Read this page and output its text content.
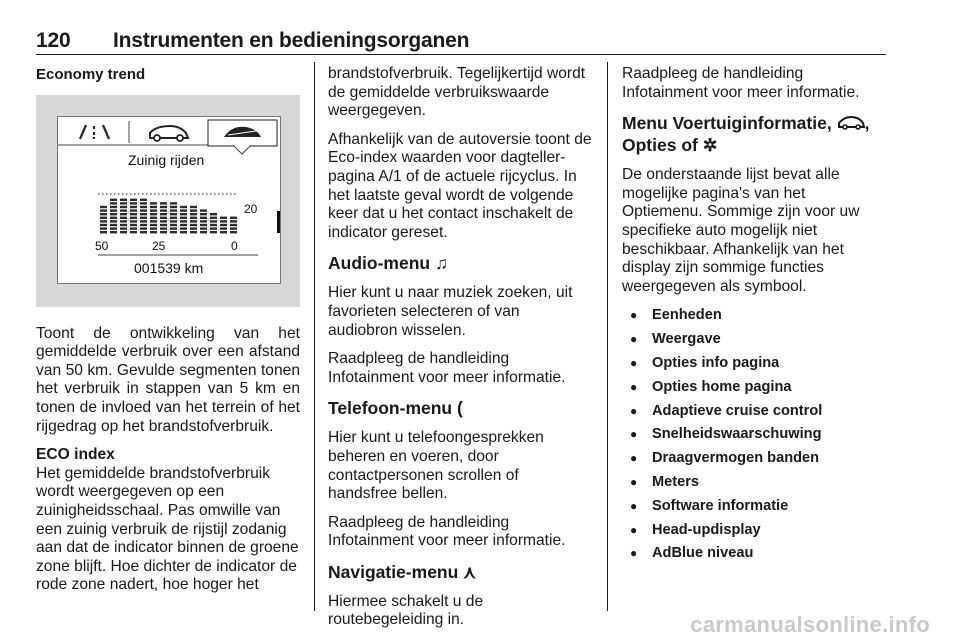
120 Instrumenten en bedieningsorganen

Economy trend

Zuinig rijden
20
50	25	0
001539 km

Toont de ontwikkeling van het gemiddelde verbruik over een afstand van 50 km. Gevulde segmenten tonen het verbruik in stappen van 5 km en tonen de invloed van het terrein of het rijgedrag op het brandstofverbruik.

ECO index

Het gemiddelde brandstofverbruik wordt weergegeven op een zuinigheidsschaal. Pas omwille van een zuinig verbruik de rijstijl zodanig aan dat de indicator binnen de groene zone blijft. Hoe dichter de indicator de rode zone nadert, hoe hoger het

brandstofverbruik. Tegelijkertijd wordt de gemiddelde verbruikswaarde weergegeven.

Afhankelijk van de autoversie toont de Eco-index waarden voor dagteller-pagina A/1 of de actuele rijcyclus. In het laatste geval wordt de volgende keer dat u het contact inschakelt de indicator gereset.

Audio-menu ♫

Hier kunt u naar muziek zoeken, uit favorieten selecteren of van audiobron wisselen.

Raadpleeg de handleiding Infotainment voor meer informatie.

Telefoon-menu (

Hier kunt u telefoongesprekken beheren en voeren, door contactpersonen scrollen of handsfree bellen.

Raadpleeg de handleiding Infotainment voor meer informatie.

Navigatie-menu ⋏

Hiermee schakelt u de routebegeleiding in.

Raadpleeg de handleiding Infotainment voor meer informatie.

Menu Voertuiginformatie, ,
Opties of ✲

De onderstaande lijst bevat alle mogelijke pagina's van het Optiemenu. Sommige zijn voor uw specifieke auto mogelijk niet beschikbaar. Afhankelijk van het display zijn sommige functies weergegeven als symbool.

● Eenheden
● Weergave
● Opties info pagina
● Opties home pagina
● Adaptieve cruise control
● Snelheidswaarschuwing
● Draagvermogen banden
● Meters
● Software informatie
● Head-updisplay
● AdBlue niveau
carmanualsonline.info
